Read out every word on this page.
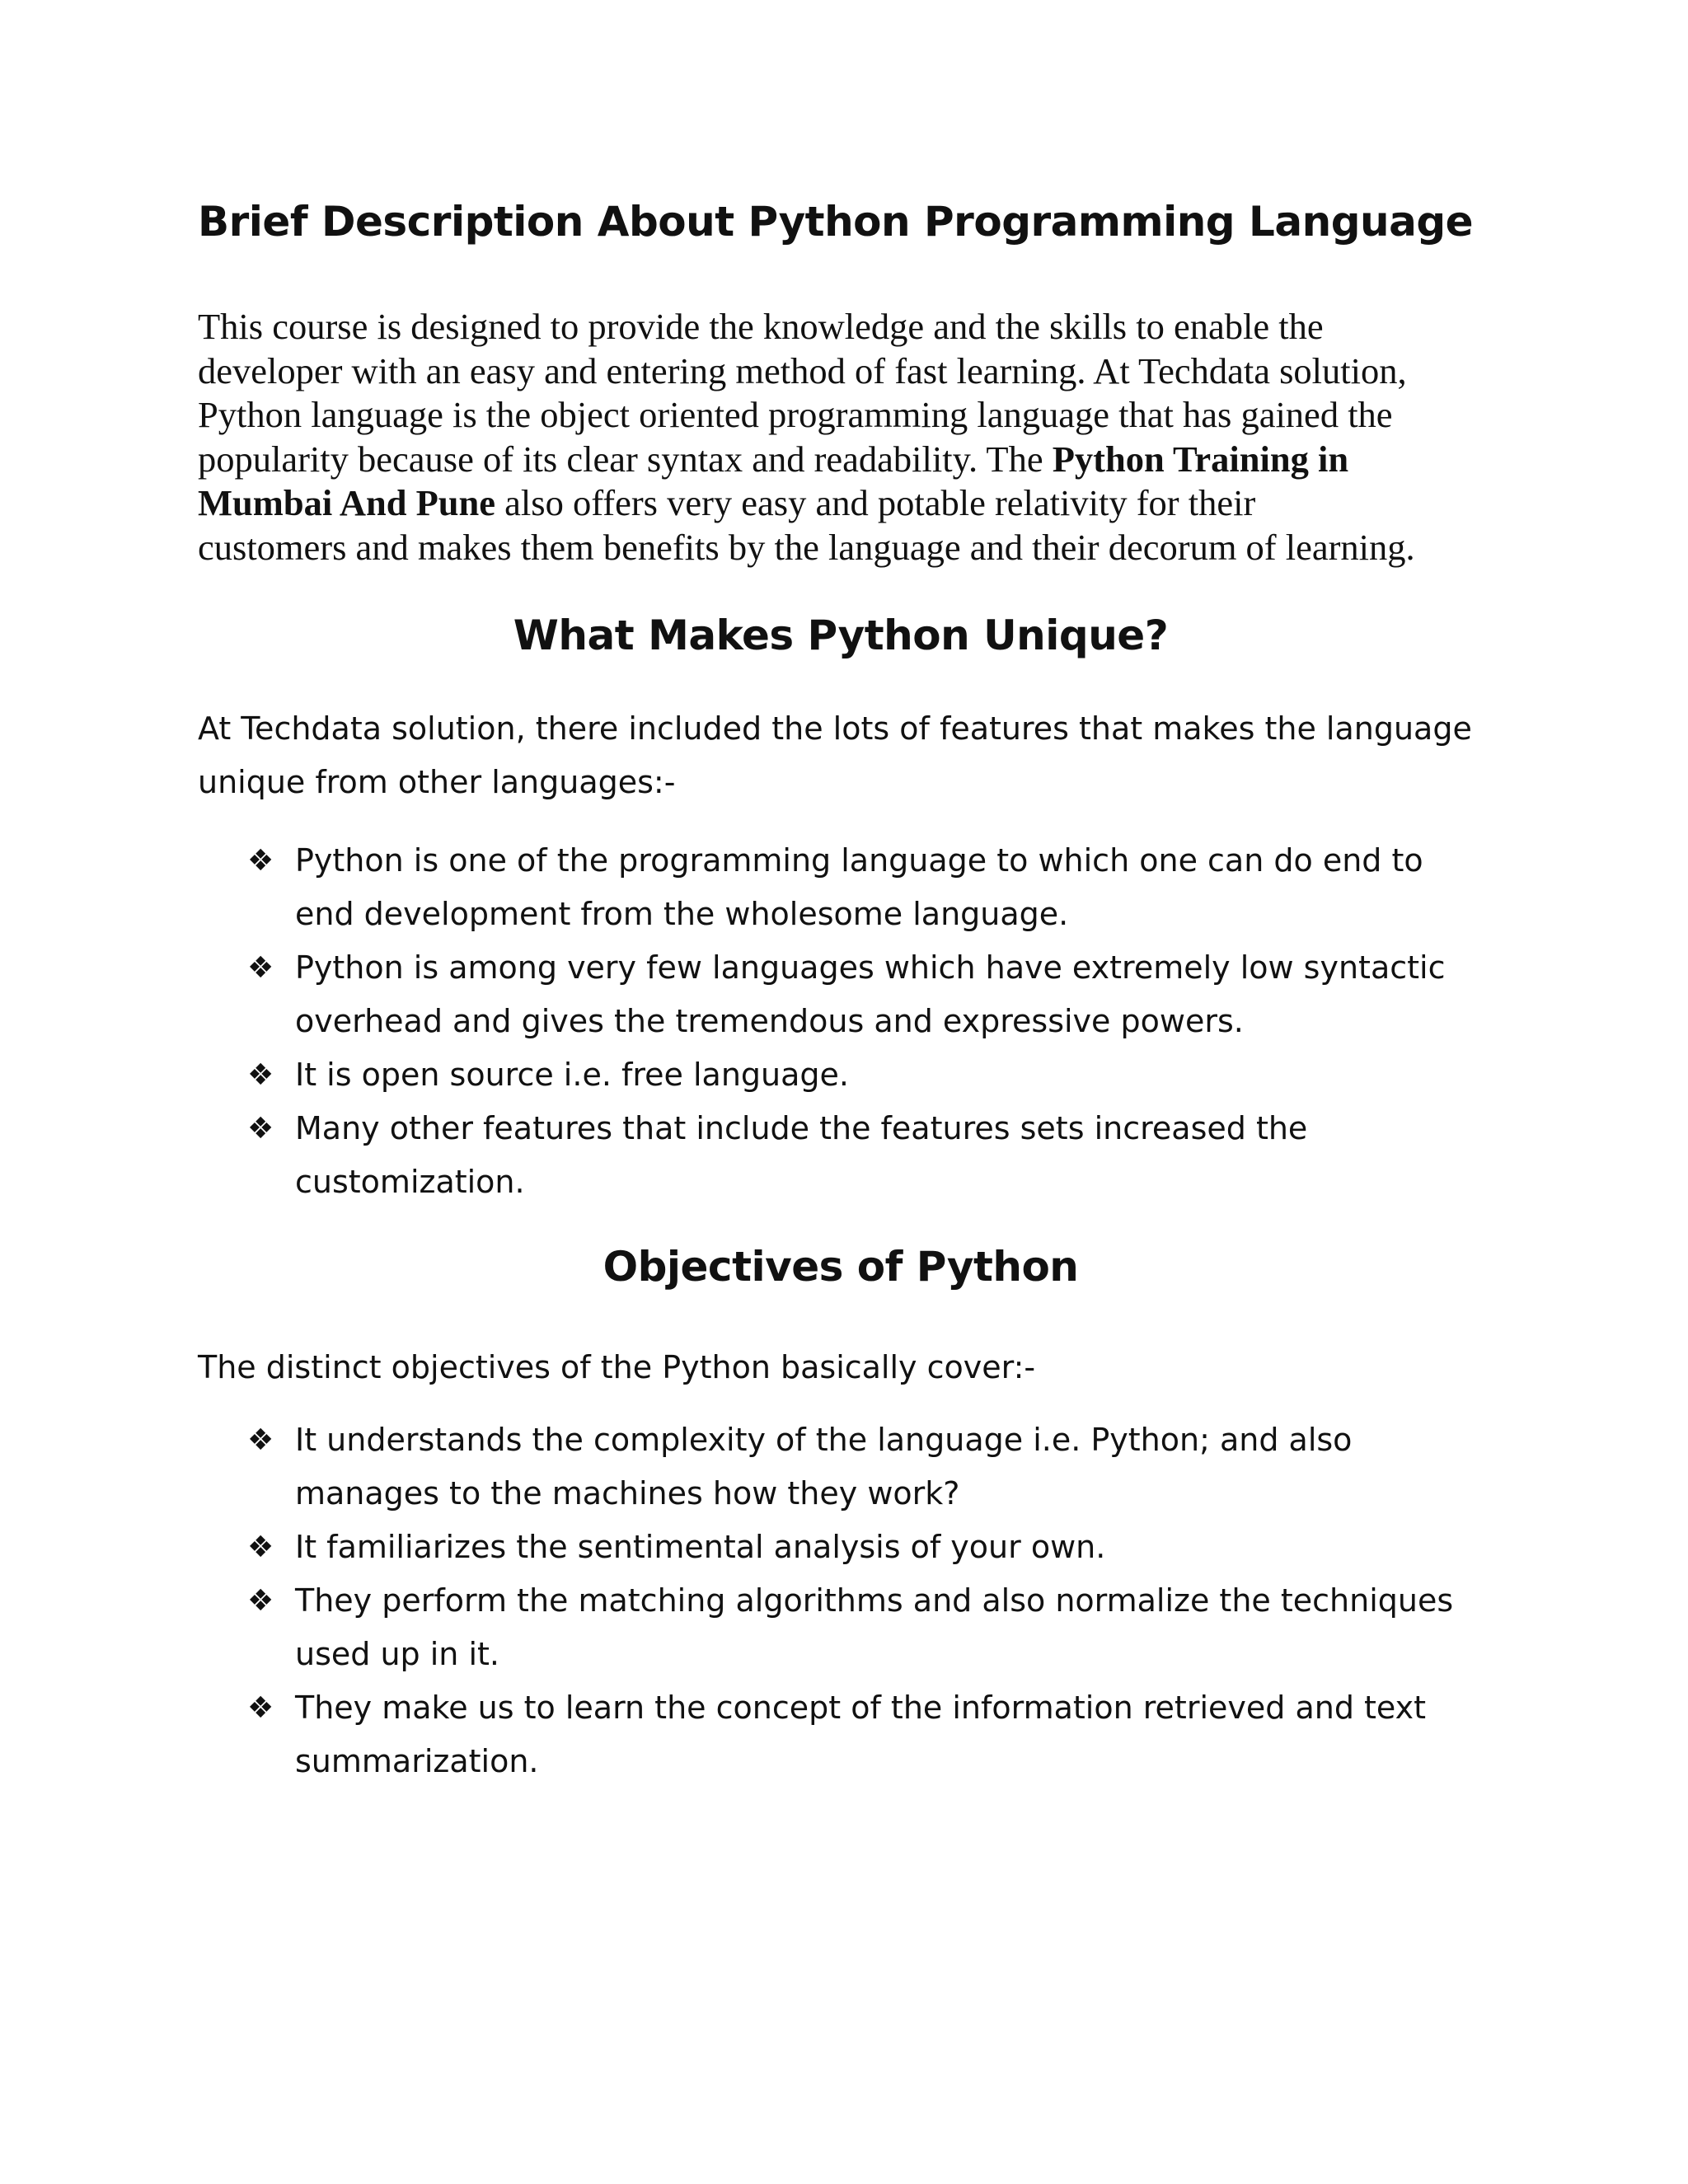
Brief Description About Python Programming Language

This course is designed to provide the knowledge and the skills to enable the
developer with an easy and entering method of fast learning. At Techdata solution,
Python language is the object oriented programming language that has gained the
popularity because of its clear syntax and readability. The Python Training in
Mumbai And Pune also offers very easy and potable relativity for their
customers and makes them benefits by the language and their decorum of learning.

What Makes Python Unique?

At Techdata solution, there included the lots of features that makes the language
unique from other languages:-

❖ Python is one of the programming language to which one can do end to
end development from the wholesome language.
❖ Python is among very few languages which have extremely low syntactic
overhead and gives the tremendous and expressive powers.
❖ It is open source i.e. free language.
❖ Many other features that include the features sets increased the
customization.
Objectives of Python

The distinct objectives of the Python basically cover:-

❖ It understands the complexity of the language i.e. Python; and also
manages to the machines how they work?
❖ It familiarizes the sentimental analysis of your own.
❖ They perform the matching algorithms and also normalize the techniques
used up in it.
❖ They make us to learn the concept of the information retrieved and text
summarization.
